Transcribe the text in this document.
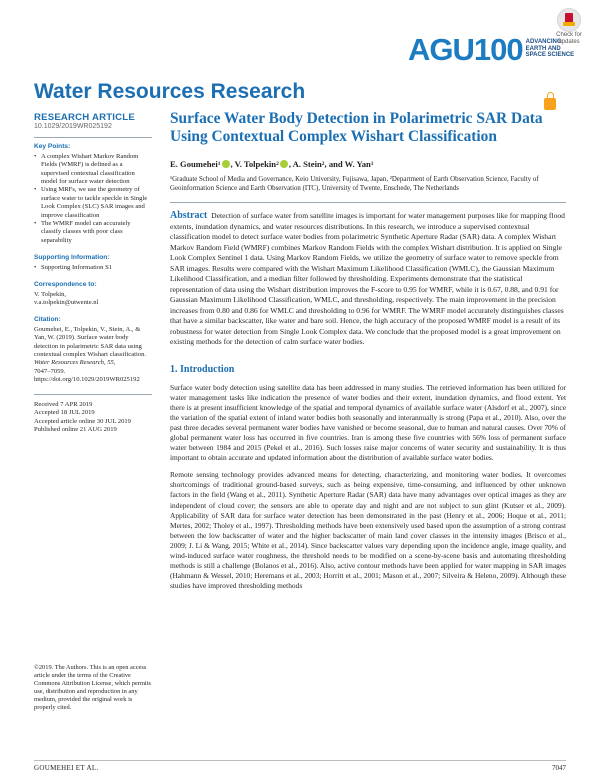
AGU100 ADVANCING
EARTH AND
SPACE SCIENCE
Check for
updates
Water Resources Research
RESEARCH ARTICLE
10.1029/2019WR025192
Key Points:
• A complex Wishart Markov Random Fields (WMRF) is defined as a supervised contextual classification model for surface water detection
• Using MRFs, we use the geometry of surface water to tackle speckle in Single Look Complex (SLC) SAR images and improve classification
• The WMRF model can accurately classify classes with poor class separability
Supporting Information:
• Supporting Information S1
Correspondence to:
V. Tolpekin,
v.a.tolpekin@utwente.nl
Citation:
Goumehei, E., Tolpekin, V., Stein, A., & Yan, W. (2019). Surface water body detection in polarimetric SAR data using contextual complex Wishart classification.
Water Resources Research, 55,
7047–7059. https://doi.org/10.1029/2019WR025192
Received 7 APR 2019
Accepted 18 JUL 2019
Accepted article online 30 JUL 2019
Published online 21 AUG 2019
©2019. The Authors. This is an open access article under the terms of the Creative Commons Attribution License, which permits use, distribution and reproduction in any medium, provided the original work is properly cited.
Surface Water Body Detection in Polarimetric SAR Data Using Contextual Complex Wishart Classification
E. Goumehei 1 , V. Tolpekin 2 , A. Stein 2 , and W. Yan 1
¹Graduate School of Media and Governance, Keio University, Fujisawa, Japan, ²Department of Earth Observation Science, Faculty of Geoinformation Science and Earth Observation (ITC), University of Twente, Enschede, The Netherlands
Abstract Detection of surface water from satellite images is important for water management purposes like for mapping flood extents, inundation dynamics, and water resources distributions. In this research, we introduce a supervised contextual classification model to detect surface water bodies from polarimetric Synthetic Aperture Radar (SAR) data. A complex Wishart Markov Random Field (WMRF) combines Markov Random Fields with the complex Wishart distribution. It is applied on Single Look Complex Sentinel 1 data. Using Markov Random Fields, we utilize the geometry of surface water to remove speckle from SAR images. Results were compared with the Wishart Maximum Likelihood Classification (WMLC), the Gaussian Maximum Likelihood Classification, and a median filter followed by thresholding. Experiments demonstrate that the statistical representation of data using the Wishart distribution improves the F-score to 0.95 for WMRF, while it is 0.67, 0.88, and 0.91 for Gaussian Maximum Likelihood Classification, WMLC, and thresholding, respectively. The main improvement in the precision increases from 0.80 and 0.86 for WMLC and thresholding to 0.96 for WMRF. The WMRF model accurately distinguishes classes that have a similar backscatter, like water and bare soil. Hence, the high accuracy of the proposed WMRF model is a result of its robustness for water detection from Single Look Complex data. We conclude that the proposed model is a great improvement on existing methods for the detection of calm surface water bodies.
1. Introduction

Surface water body detection using satellite data has been addressed in many studies. The retrieved information has been utilized for water management tasks like indication the presence of water bodies and their extent, inundation dynamics, and flood extent. Yet there is at present insufficient knowledge of the spatial and temporal dynamics of available surface water (Alsdorf et al., 2007), since the variation of the spatial extent of inland water bodies both seasonally and interannually is strong (Papa et al., 2010). Also, over the past three decades several permanent water bodies have vanished or become seasonal, due to human and natural causes. Over 70% of global permanent water loss has occurred in five countries. Iran is among these five countries with 56% loss of permanent surface water between 1984 and 2015 (Pekel et al., 2016). Such losses raise major concerns of water security and sustainability. It is thus important to obtain accurate and updated information about the distribution of available surface water bodies.

Remote sensing technology provides advanced means for detecting, characterizing, and monitoring water bodies. It overcomes shortcomings of traditional ground-based surveys, such as being expensive, time-consuming, and influenced by other unknown factors in the field (Wang et al., 2011). Synthetic Aperture Radar (SAR) data have many advantages over optical images as they are independent of cloud cover; the sensors are able to operate day and night and are not subject to sun glint (Kutser et al., 2009). Applicability of SAR data for surface water detection has been demonstrated in the past (Henry et al., 2006; Hoque et al., 2011; Mertes, 2002; Tholey et al., 1997). Thresholding methods have been extensively used based upon the assumption of a strong contrast between the low backscatter of water and the higher backscatter of main land cover classes in the intensity images (Brisco et al., 2009; J. Li & Wang, 2015; White et al., 2014). Since backscatter values vary depending upon the incidence angle, image quality, and wind-induced surface water roughness, the threshold needs to be modified on a scene-by-scene basis and automating thresholding methods is still a challenge (Bolanos et al., 2016). Also, active contour methods have been applied for water mapping in SAR images (Hahmann & Wessel, 2010; Heremans et al., 2003; Horritt et al., 2001; Mason et al., 2007; Silveira & Heleno, 2009). Although these studies have improved thresholding methods

GOUMEHEI ET AL.	7047
